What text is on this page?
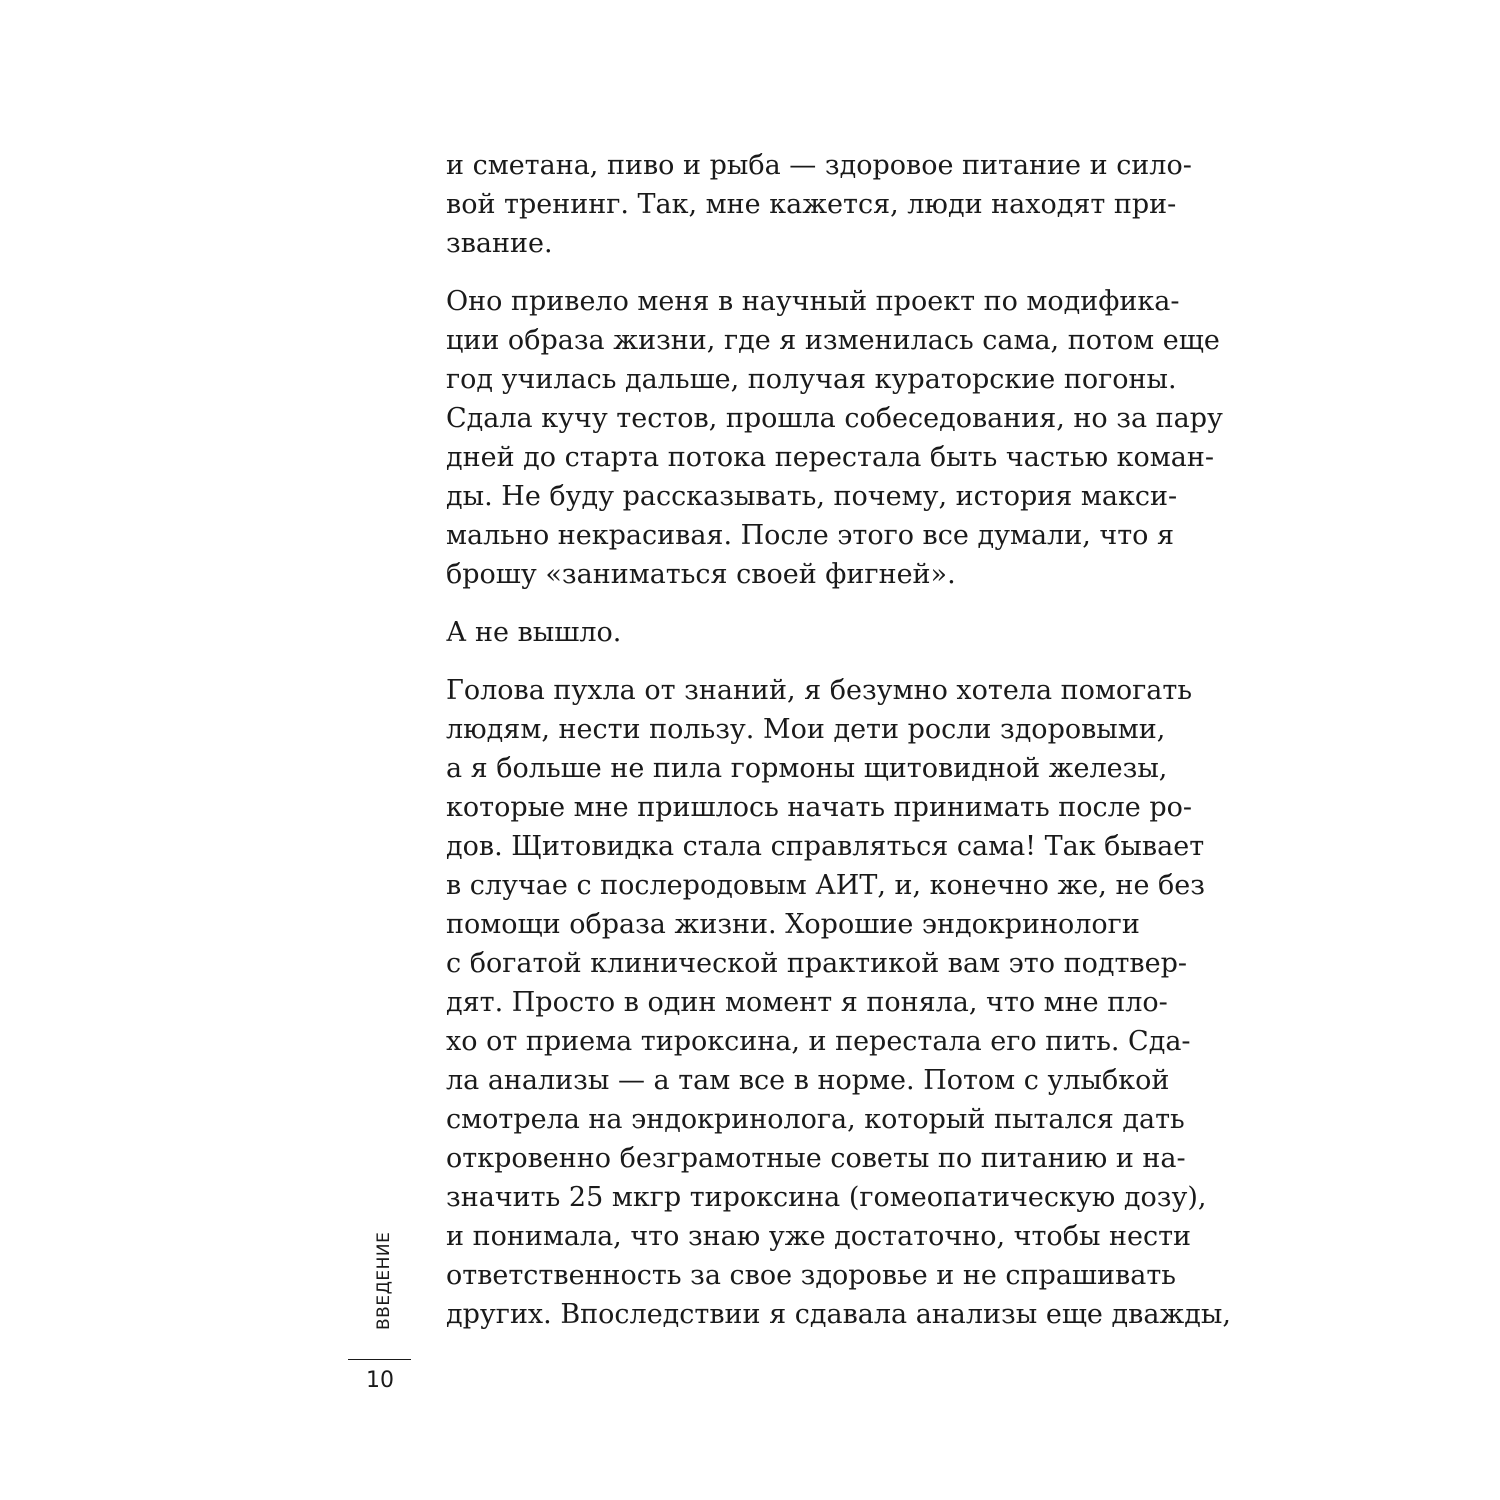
и сметана, пиво и рыба — здоровое питание и сило-
вой тренинг. Так, мне кажется, люди находят при-
звание.
Оно привело меня в научный проект по модифика-
ции образа жизни, где я изменилась сама, потом еще
год училась дальше, получая кураторские погоны.
Сдала кучу тестов, прошла собеседования, но за пару
дней до старта потока перестала быть частью коман-
ды. Не буду рассказывать, почему, история макси-
мально некрасивая. После этого все думали, что я
брошу «заниматься своей фигней».
А не вышло.
Голова пухла от знаний, я безумно хотела помогать
людям, нести пользу. Мои дети росли здоровыми,
а я больше не пила гормоны щитовидной железы,
которые мне пришлось начать принимать после ро-
дов. Щитовидка стала справляться сама! Так бывает
в случае с послеродовым АИТ, и, конечно же, не без
помощи образа жизни. Хорошие эндокринологи
с богатой клинической практикой вам это подтвер-
дят. Просто в один момент я поняла, что мне пло-
хо от приема тироксина, и перестала его пить. Сда-
ла анализы — а там все в норме. Потом с улыбкой
смотрела на эндокринолога, который пытался дать
откровенно безграмотные советы по питанию и на-
значить 25 мкгр тироксина (гомеопатическую дозу),
и понимала, что знаю уже достаточно, чтобы нести
ответственность за свое здоровье и не спрашивать
других. Впоследствии я сдавала анализы еще дважды,
ВВЕДЕНИЕ
10
